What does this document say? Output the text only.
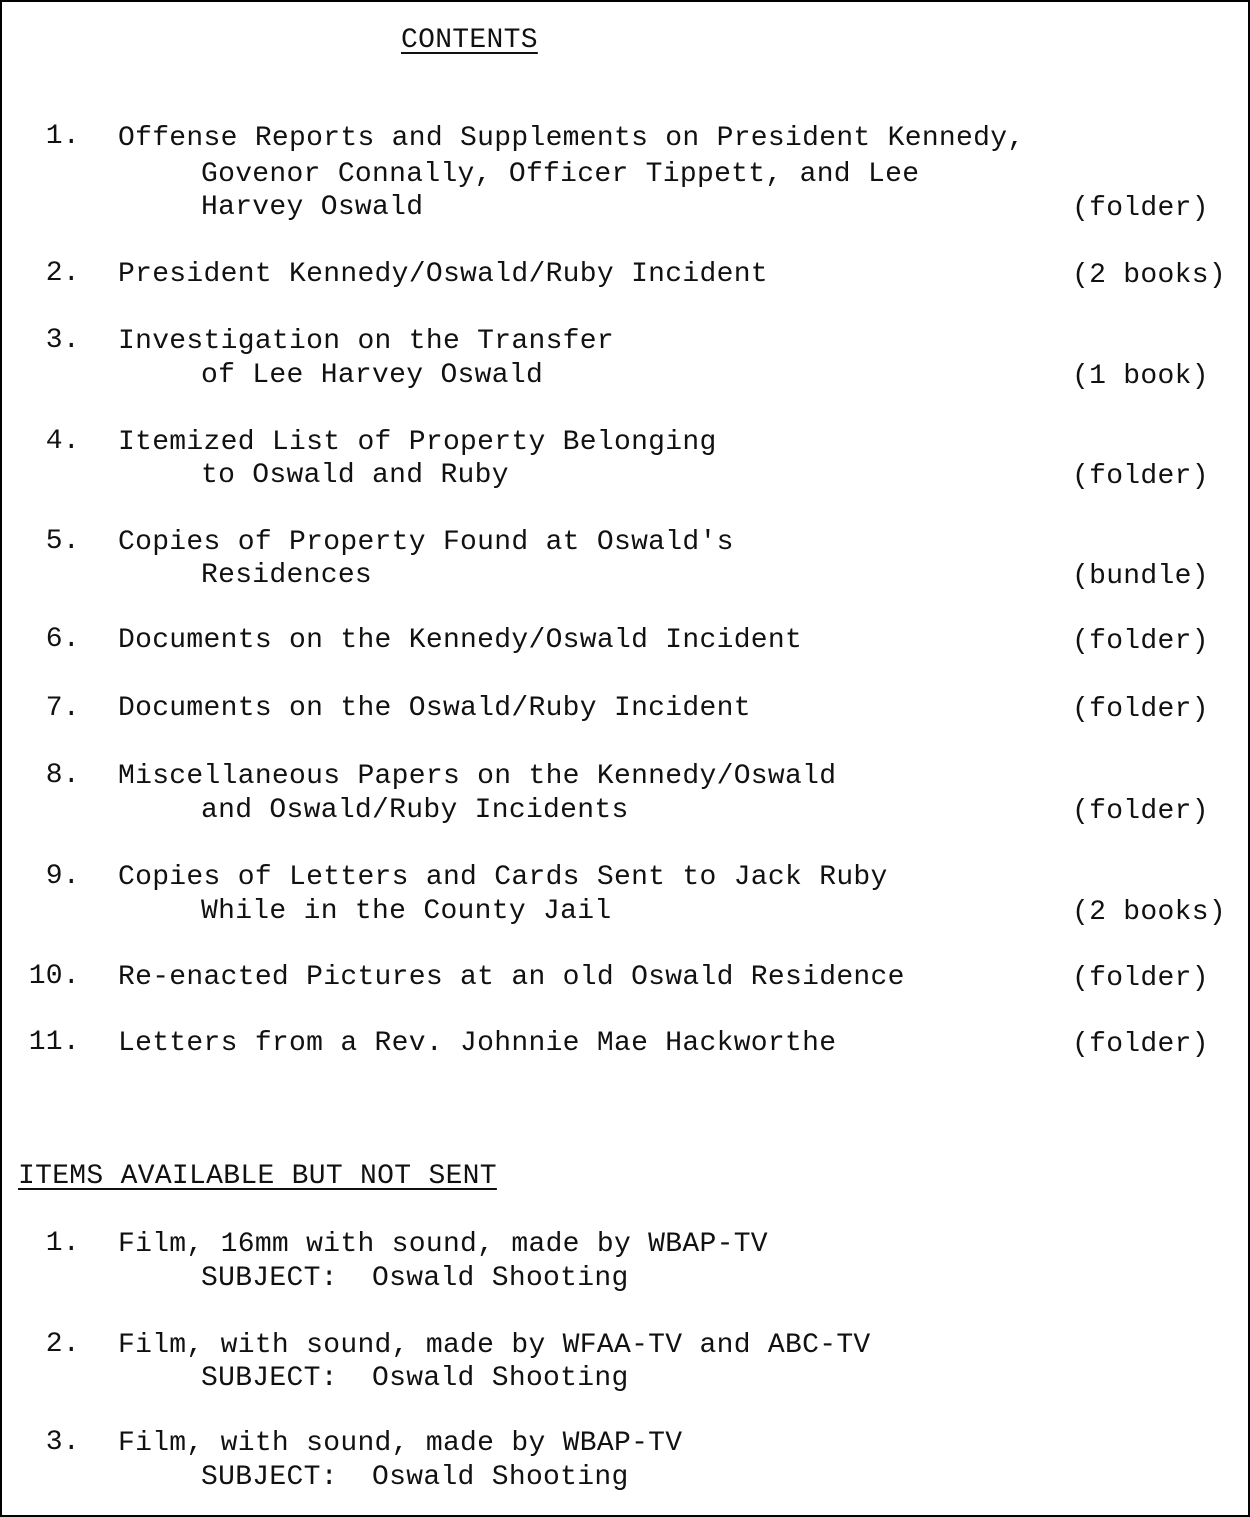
CONTENTS
1. Offense Reports and Supplements on President Kennedy,
Govenor Connally, Officer Tippett, and Lee
Harvey Oswald	(folder)
2. President Kennedy/Oswald/Ruby Incident	(2 books)
3. Investigation on the Transfer
of Lee Harvey Oswald	(1 book)
4. Itemized List of Property Belonging
to Oswald and Ruby	(folder)
5. Copies of Property Found at Oswald's
Residences	(bundle)
6. Documents on the Kennedy/Oswald Incident	(folder)
7. Documents on the Oswald/Ruby Incident	(folder)
8. Miscellaneous Papers on the Kennedy/Oswald
and Oswald/Ruby Incidents	(folder)
9. Copies of Letters and Cards Sent to Jack Ruby
While in the County Jail	(2 books)
10. Re-enacted Pictures at an old Oswald Residence	(folder)
11. Letters from a Rev. Johnnie Mae Hackworthe	(folder)
ITEMS AVAILABLE BUT NOT SENT
1. Film, 16mm with sound, made by WBAP-TV
SUBJECT:  Oswald Shooting
2. Film, with sound, made by WFAA-TV and ABC-TV
SUBJECT:  Oswald Shooting
3. Film, with sound, made by WBAP-TV
SUBJECT:  Oswald Shooting
